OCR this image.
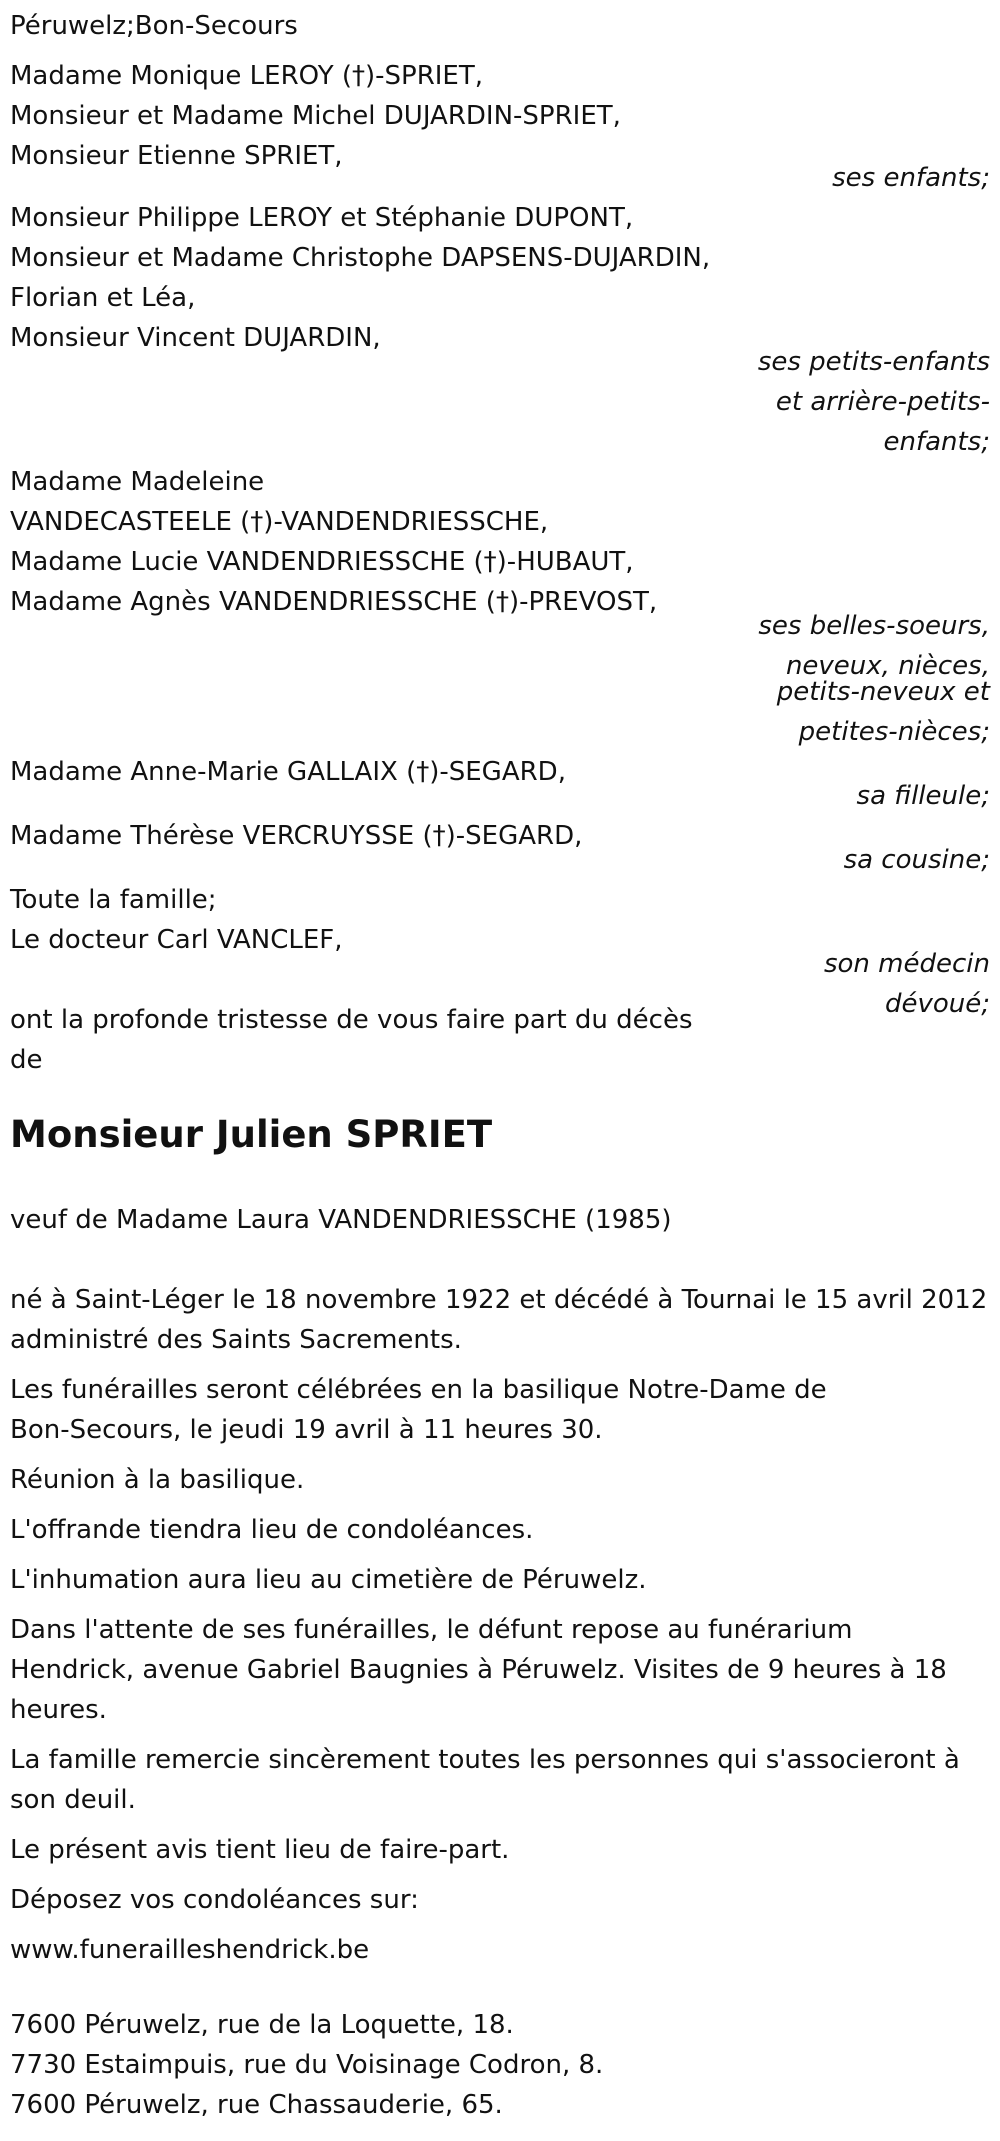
Péruwelz;Bon-Secours
Madame Monique LEROY (†)-SPRIET,
Monsieur et Madame Michel DUJARDIN-SPRIET,
Monsieur Etienne SPRIET,
ses enfants;
Monsieur Philippe LEROY et Stéphanie DUPONT,
Monsieur et Madame Christophe DAPSENS-DUJARDIN,
Florian et Léa,
Monsieur Vincent DUJARDIN,
ses petits-enfants
et arrière-petits-
enfants;
Madame Madeleine
VANDECASTEELE (†)-VANDENDRIESSCHE,
Madame Lucie VANDENDRIESSCHE (†)-HUBAUT,
Madame Agnès VANDENDRIESSCHE (†)-PREVOST,
ses belles-soeurs,
neveux, nièces,
petits-neveux et
petites-nièces;
Madame Anne-Marie GALLAIX (†)-SEGARD,
sa filleule;
Madame Thérèse VERCRUYSSE (†)-SEGARD,
sa cousine;
Toute la famille;
Le docteur Carl VANCLEF,
son médecin
dévoué;
ont la profonde tristesse de vous faire part du décès
de
Monsieur Julien SPRIET
veuf de Madame Laura VANDENDRIESSCHE (1985)
né à Saint-Léger le 18 novembre 1922 et décédé à Tournai le 15 avril 2012
administré des Saints Sacrements.
Les funérailles seront célébrées en la basilique Notre-Dame de
Bon-Secours, le jeudi 19 avril à 11 heures 30.
Réunion à la basilique.
L'offrande tiendra lieu de condoléances.
L'inhumation aura lieu au cimetière de Péruwelz.
Dans l'attente de ses funérailles, le défunt repose au funérarium
Hendrick, avenue Gabriel Baugnies à Péruwelz. Visites de 9 heures à 18
heures.
La famille remercie sincèrement toutes les personnes qui s'associeront à
son deuil.
Le présent avis tient lieu de faire-part.
Déposez vos condoléances sur:
www.funerailleshendrick.be
7600 Péruwelz, rue de la Loquette, 18.
7730 Estaimpuis, rue du Voisinage Codron, 8.
7600 Péruwelz, rue Chassauderie, 65.
